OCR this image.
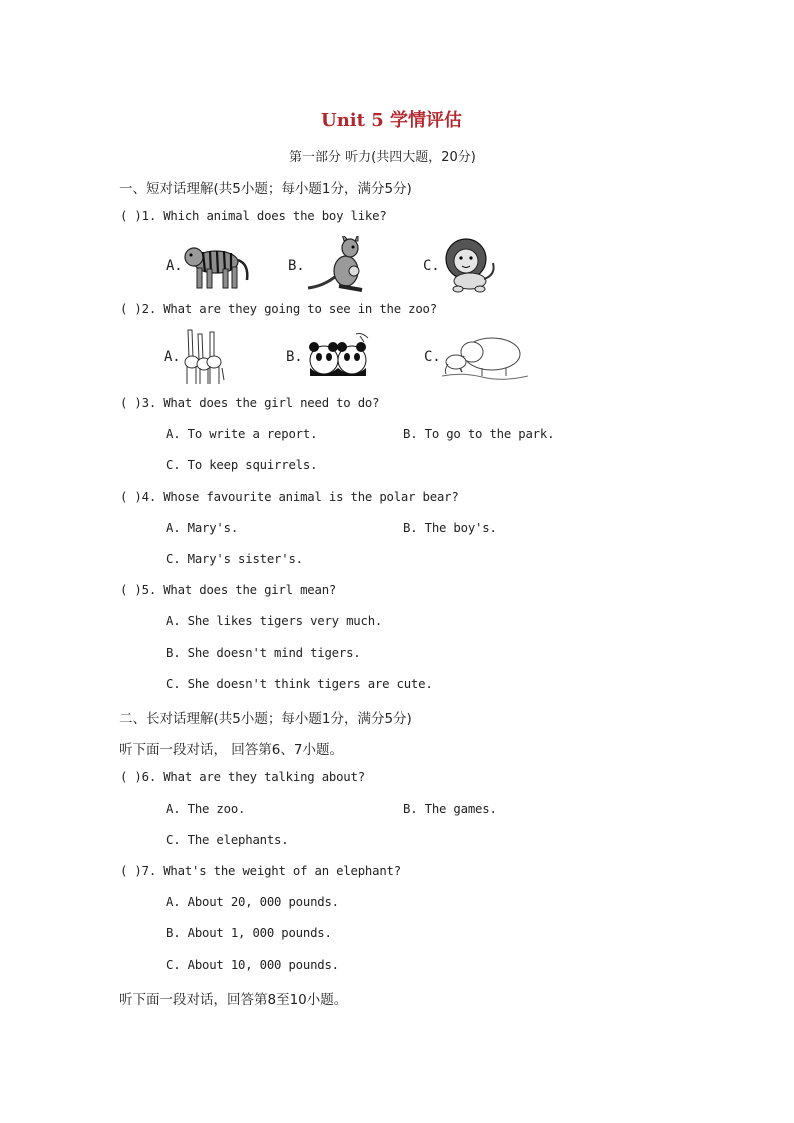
Unit 5 学情评估
第一部分 听力(共四大题，20分)
一、短对话理解(共5小题；每小题1分，满分5分)
( )1. Which animal does the boy like?
A.	B.	C.
( )2. What are they going to see in the zoo?
A.	B.	C.
( )3. What does the girl need to do?
A. To write a report.	B. To go to the park.
C. To keep squirrels.
( )4. Whose favourite animal is the polar bear?
A. Mary's.	B. The boy's.
C. Mary's sister's.
( )5. What does the girl mean?
A. She likes tigers very much.
B. She doesn't mind tigers.
C. She doesn't think tigers are cute.
二、长对话理解(共5小题；每小题1分，满分5分)
听下面一段对话， 回答第6、7小题。
( )6. What are they talking about?
A. The zoo.	B. The games.
C. The elephants.
( )7. What's the weight of an elephant?
A. About 20, 000 pounds.
B. About 1, 000 pounds.
C. About 10, 000 pounds.
听下面一段对话，回答第8至10小题。
